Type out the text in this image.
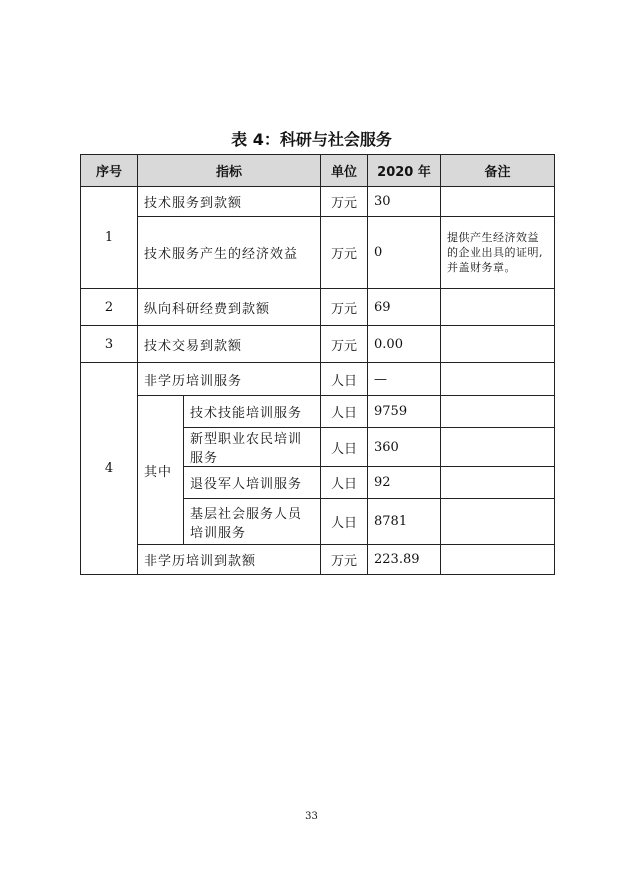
表 4：科研与社会服务
序号	指标		单位	2020 年	备注
1	技术服务到款额		万元	30	
	技术服务产生的经济效益		万元	0	提供产生经济效益的企业出具的证明,并盖财务章。
2	纵向科研经费到款额		万元	69	
3	技术交易到款额		万元	0.00	
4	非学历培训服务		人日	—	
	其中	技术技能培训服务	人日	9759	
		新型职业农民培训服务	人日	360	
		退役军人培训服务	人日	92	
		基层社会服务人员培训服务	人日	8781	
	非学历培训到款额		万元	223.89	
33
